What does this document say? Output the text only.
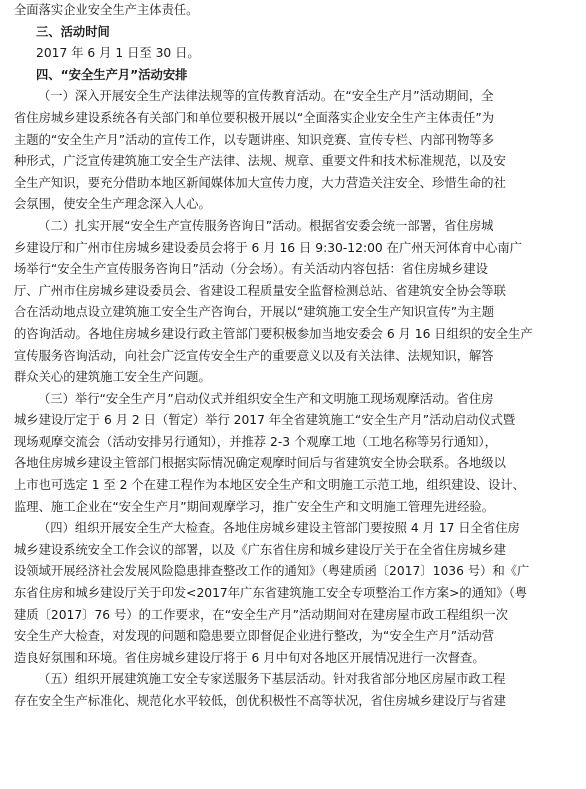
全面落实企业安全生产主体责任。
三、活动时间
2017 年 6 月 1 日至 30 日。
四、“安全生产月”活动安排
（一）深入开展安全生产法律法规等的宣传教育活动。在“安全生产月”活动期间，全
省住房城乡建设系统各有关部门和单位要积极开展以“全面落实企业安全生产主体责任”为
主题的“安全生产月”活动的宣传工作，以专题讲座、知识竞赛、宣传专栏、内部刊物等多
种形式，广泛宣传建筑施工安全生产法律、法规、规章、重要文件和技术标准规范，以及安
全生产知识，要充分借助本地区新闻媒体加大宣传力度，大力营造关注安全、珍惜生命的社
会氛围，使安全生产理念深入人心。
（二）扎实开展“安全生产宣传服务咨询日”活动。根据省安委会统一部署，省住房城
乡建设厅和广州市住房城乡建设委员会将于 6 月 16 日 9:30-12:00 在广州天河体育中心南广
场举行“安全生产宣传服务咨询日”活动（分会场）。有关活动内容包括：省住房城乡建设
厅、广州市住房城乡建设委员会、省建设工程质量安全监督检测总站、省建筑安全协会等联
合在活动地点设立建筑施工安全生产咨询台，开展以“建筑施工安全生产知识宣传”为主题
的咨询活动。各地住房城乡建设行政主管部门要积极参加当地安委会 6 月 16 日组织的安全生产
宣传服务咨询活动，向社会广泛宣传安全生产的重要意义以及有关法律、法规知识，解答
群众关心的建筑施工安全生产问题。
（三）举行“安全生产月”启动仪式并组织安全生产和文明施工现场观摩活动。省住房
城乡建设厅定于 6 月 2 日（暂定）举行 2017 年全省建筑施工“安全生产月”活动启动仪式暨
现场观摩交流会（活动安排另行通知），并推荐 2-3 个观摩工地（工地名称等另行通知），
各地住房城乡建设主管部门根据实际情况确定观摩时间后与省建筑安全协会联系。各地级以
上市也可选定 1 至 2 个在建工程作为本地区安全生产和文明施工示范工地，组织建设、设计、
监理、施工企业在“安全生产月”期间观摩学习，推广安全生产和文明施工管理先进经验。
（四）组织开展安全生产大检查。各地住房城乡建设主管部门要按照 4 月 17 日全省住房
城乡建设系统安全工作会议的部署，以及《广东省住房和城乡建设厅关于在全省住房城乡建
设领域开展经济社会发展风险隐患排查整改工作的通知》（粤建质函〔2017〕1036 号）和《广
东省住房和城乡建设厅关于印发<2017年广东省建筑施工安全专项整治工作方案>的通知》（粤
建质〔2017〕76 号）的工作要求，在“安全生产月”活动期间对在建房屋市政工程组织一次
安全生产大检查，对发现的问题和隐患要立即督促企业进行整改，为“安全生产月”活动营
造良好氛围和环境。省住房城乡建设厅将于 6 月中旬对各地区开展情况进行一次督查。
（五）组织开展建筑施工安全专家送服务下基层活动。针对我省部分地区房屋市政工程
存在安全生产标准化、规范化水平较低，创优积极性不高等状况，省住房城乡建设厅与省建
